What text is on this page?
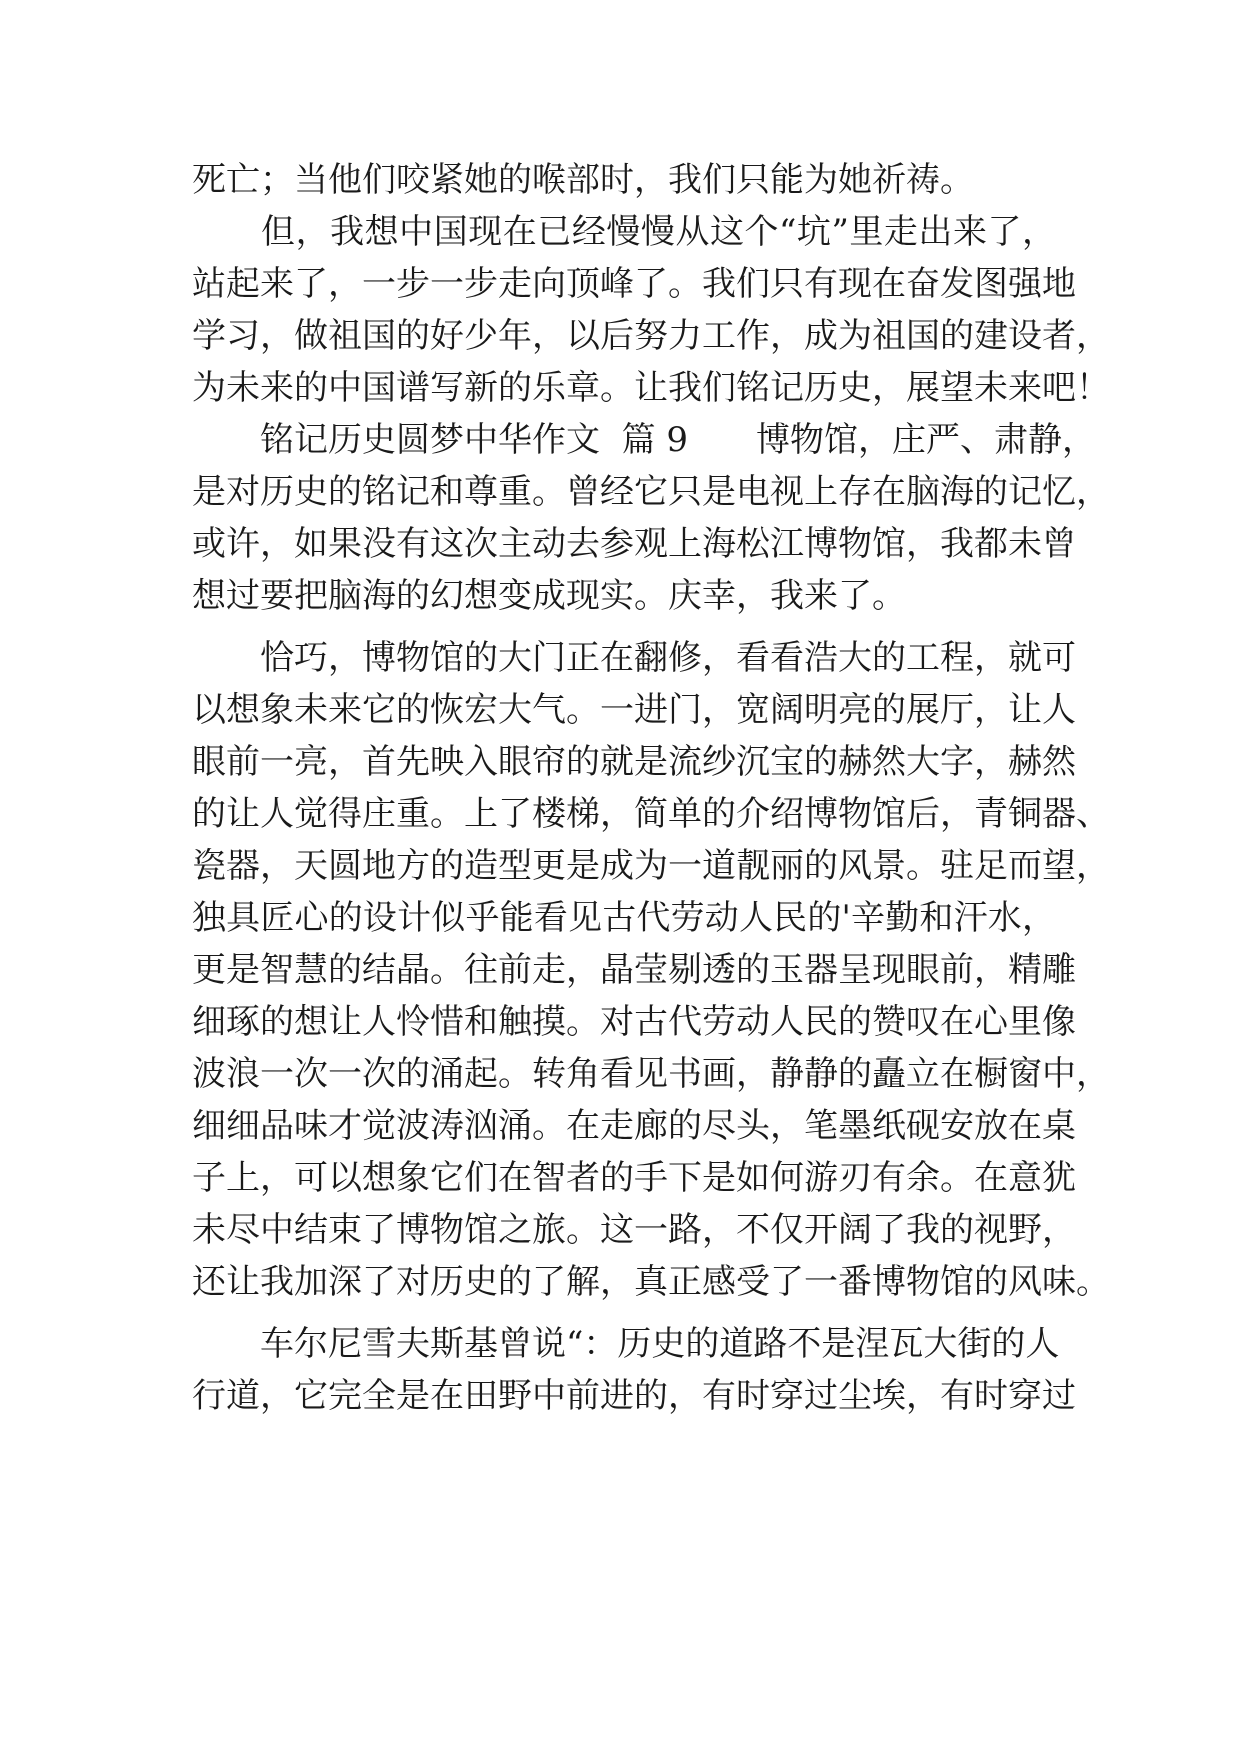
死亡；当他们咬紧她的喉部时，我们只能为她祈祷。
　　但，我想中国现在已经慢慢从这个“坑”里走出来了，
站起来了，一步一步走向顶峰了。我们只有现在奋发图强地
学习，做祖国的好少年，以后努力工作，成为祖国的建设者，
为未来的中国谱写新的乐章。让我们铭记历史，展望未来吧！
　　铭记历史圆梦中华作文  篇 9　　博物馆，庄严、肃静，
是对历史的铭记和尊重。曾经它只是电视上存在脑海的记忆，
或许，如果没有这次主动去参观上海松江博物馆，我都未曾
想过要把脑海的幻想变成现实。庆幸，我来了。
　　恰巧，博物馆的大门正在翻修，看看浩大的工程，就可
以想象未来它的恢宏大气。一进门，宽阔明亮的展厅，让人
眼前一亮，首先映入眼帘的就是流纱沉宝的赫然大字，赫然
的让人觉得庄重。上了楼梯，简单的介绍博物馆后，青铜器、
瓷器，天圆地方的造型更是成为一道靓丽的风景。驻足而望，
独具匠心的设计似乎能看见古代劳动人民的'辛勤和汗水，
更是智慧的结晶。往前走，晶莹剔透的玉器呈现眼前，精雕
细琢的想让人怜惜和触摸。对古代劳动人民的赞叹在心里像
波浪一次一次的涌起。转角看见书画，静静的矗立在橱窗中，
细细品味才觉波涛汹涌。在走廊的尽头，笔墨纸砚安放在桌
子上，可以想象它们在智者的手下是如何游刃有余。在意犹
未尽中结束了博物馆之旅。这一路，不仅开阔了我的视野，
还让我加深了对历史的了解，真正感受了一番博物馆的风味。
　　车尔尼雪夫斯基曾说“：历史的道路不是涅瓦大街的人
行道，它完全是在田野中前进的，有时穿过尘埃，有时穿过
